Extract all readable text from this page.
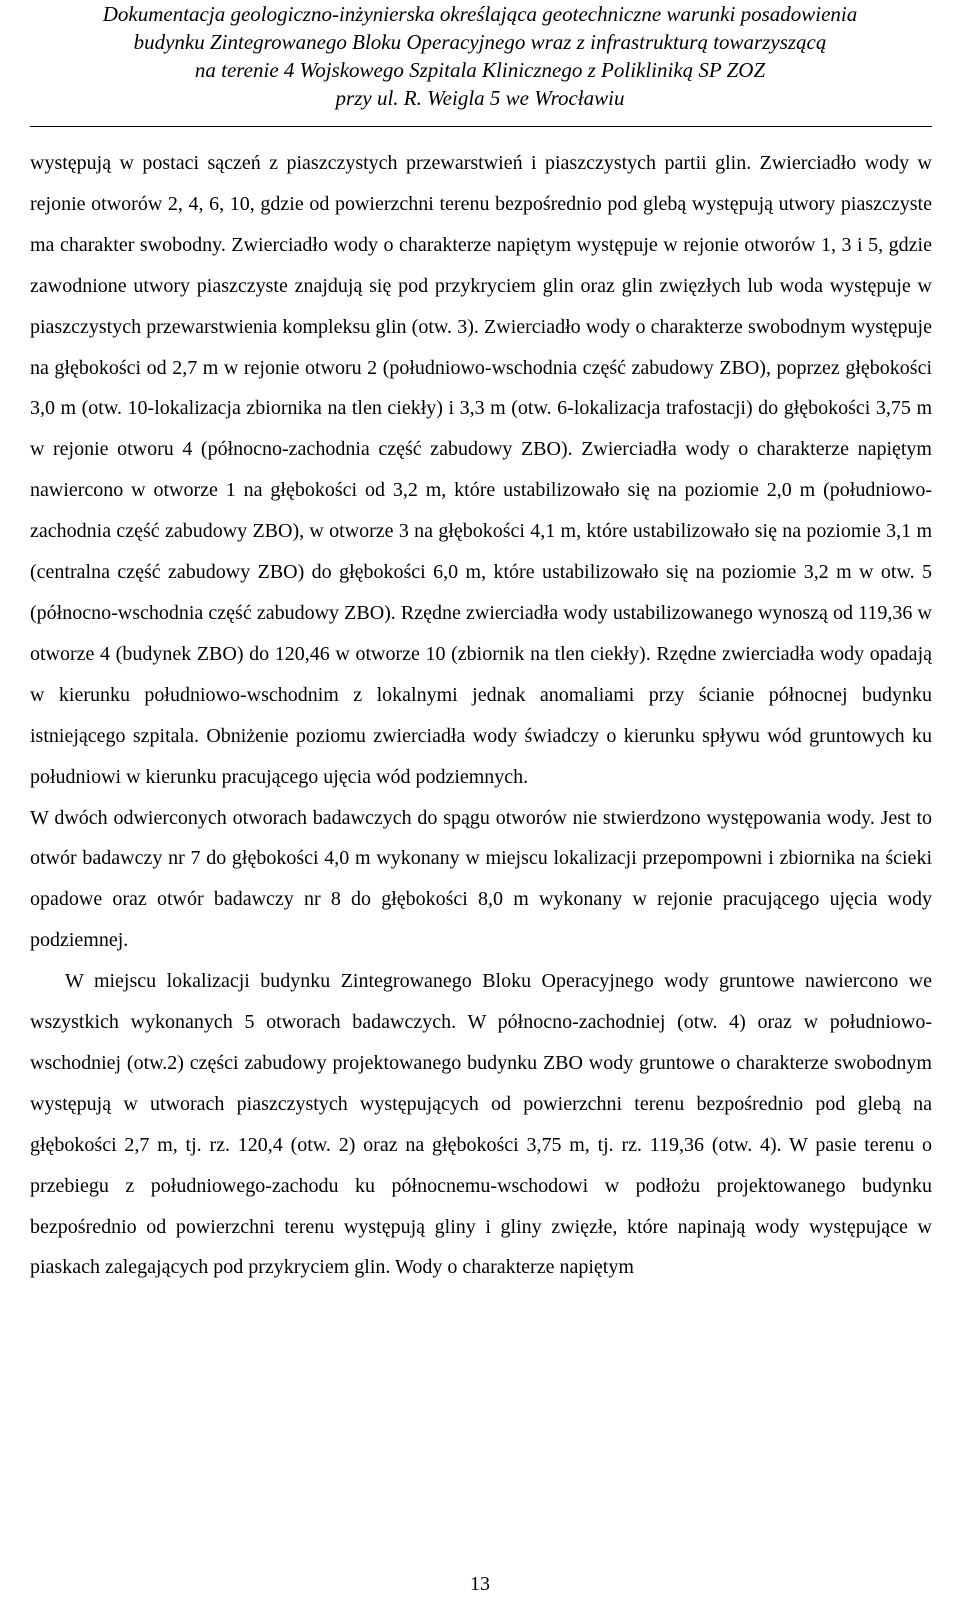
Dokumentacja geologiczno-inżynierska określająca geotechniczne warunki posadowienia
budynku Zintegrowanego Bloku Operacyjnego wraz z infrastrukturą towarzyszącą
na terenie 4 Wojskowego Szpitala Klinicznego z Polikliniką SP ZOZ
przy ul. R. Weigla 5 we Wrocławiu

występują w postaci sączeń z piaszczystych przewarstwień i piaszczystych partii glin. Zwierciadło wody w rejonie otworów 2, 4, 6, 10, gdzie od powierzchni terenu bezpośrednio pod glebą występują utwory piaszczyste ma charakter swobodny. Zwierciadło wody o charakterze napiętym występuje w rejonie otworów 1, 3 i 5, gdzie zawodnione utwory piaszczyste znajdują się pod przykryciem glin oraz glin zwięzłych lub woda występuje w piaszczystych przewarstwienia kompleksu glin (otw. 3). Zwierciadło wody o charakterze swobodnym występuje na głębokości od 2,7 m w rejonie otworu 2 (południowo-wschodnia część zabudowy ZBO), poprzez głębokości 3,0 m (otw. 10-lokalizacja zbiornika na tlen ciekły) i 3,3 m (otw. 6-lokalizacja trafostacji) do głębokości 3,75 m w rejonie otworu 4 (północno-zachodnia część zabudowy ZBO). Zwierciadła wody o charakterze napiętym nawiercono w otworze 1 na głębokości od 3,2 m, które ustabilizowało się na poziomie 2,0 m (południowo-zachodnia część zabudowy ZBO), w otworze 3 na głębokości 4,1 m, które ustabilizowało się na poziomie 3,1 m (centralna część zabudowy ZBO) do głębokości 6,0 m, które ustabilizowało się na poziomie 3,2 m w otw. 5 (północno-wschodnia część zabudowy ZBO). Rzędne zwierciadła wody ustabilizowanego wynoszą od 119,36 w otworze 4 (budynek ZBO) do 120,46 w otworze 10 (zbiornik na tlen ciekły). Rzędne zwierciadła wody opadają w kierunku południowo-wschodnim z lokalnymi jednak anomaliami przy ścianie północnej budynku istniejącego szpitala. Obniżenie poziomu zwierciadła wody świadczy o kierunku spływu wód gruntowych ku południowi w kierunku pracującego ujęcia wód podziemnych.

W dwóch odwierconych otworach badawczych do spągu otworów nie stwierdzono występowania wody. Jest to otwór badawczy nr 7 do głębokości 4,0 m wykonany w miejscu lokalizacji przepompowni i zbiornika na ścieki opadowe oraz otwór badawczy nr 8 do głębokości 8,0 m wykonany w rejonie pracującego ujęcia wody podziemnej.

W miejscu lokalizacji budynku Zintegrowanego Bloku Operacyjnego wody gruntowe nawiercono we wszystkich wykonanych 5 otworach badawczych. W północno-zachodniej (otw. 4) oraz w południowo-wschodniej (otw.2) części zabudowy projektowanego budynku ZBO wody gruntowe o charakterze swobodnym występują w utworach piaszczystych występujących od powierzchni terenu bezpośrednio pod glebą na głębokości 2,7 m, tj. rz. 120,4 (otw. 2) oraz na głębokości 3,75 m, tj. rz. 119,36 (otw. 4). W pasie terenu o przebiegu z południowego-zachodu ku północnemu-wschodowi w podłożu projektowanego budynku bezpośrednio od powierzchni terenu występują gliny i gliny zwięzłe, które napinają wody występujące w piaskach zalegających pod przykryciem glin. Wody o charakterze napiętym

13
